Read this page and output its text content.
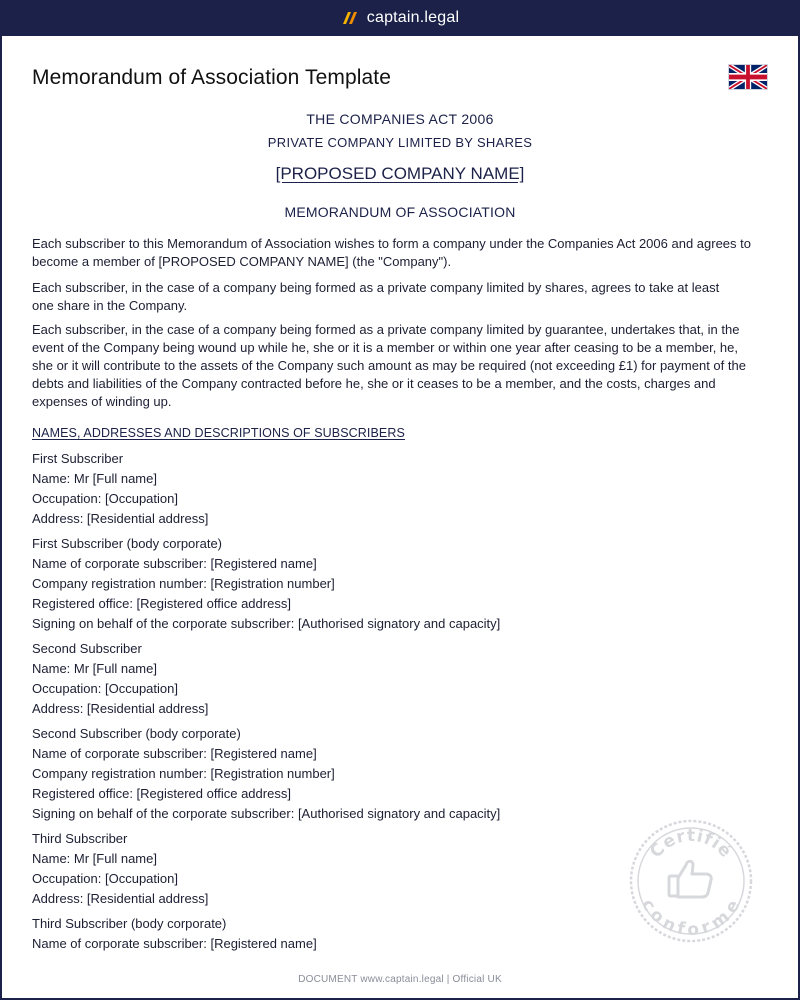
captain.legal
Memorandum of Association Template
THE COMPANIES ACT 2006
PRIVATE COMPANY LIMITED BY SHARES
[PROPOSED COMPANY NAME]
MEMORANDUM OF ASSOCIATION
Each subscriber to this Memorandum of Association wishes to form a company under the Companies Act 2006 and agrees to
become a member of [PROPOSED COMPANY NAME] (the "Company").
Each subscriber, in the case of a company being formed as a private company limited by shares, agrees to take at least one share in the Company.
Each subscriber, in the case of a company being formed as a private company limited by guarantee, undertakes that, in the event of the Company being wound up while he, she or it is a member or within one year after ceasing to be a member, he, she or it will contribute to the assets of the Company such amount as may be required (not exceeding £1) for payment of the debts and liabilities of the Company contracted before he, she or it ceases to be a member, and the costs, charges and expenses of winding up.
NAMES, ADDRESSES AND DESCRIPTIONS OF SUBSCRIBERS
First Subscriber
Name: Mr [Full name]
Occupation: [Occupation]
Address: [Residential address]
First Subscriber (body corporate)
Name of corporate subscriber: [Registered name]
Company registration number: [Registration number]
Registered office: [Registered office address]
Signing on behalf of the corporate subscriber: [Authorised signatory and capacity]
Second Subscriber
Name: Mr [Full name]
Occupation: [Occupation]
Address: [Residential address]
Second Subscriber (body corporate)
Name of corporate subscriber: [Registered name]
Company registration number: [Registration number]
Registered office: [Registered office address]
Signing on behalf of the corporate subscriber: [Authorised signatory and capacity]
Third Subscriber
Name: Mr [Full name]
Occupation: [Occupation]
Address: [Residential address]
Third Subscriber (body corporate)
Name of corporate subscriber: [Registered name]
Certifié
conforme
DOCUMENT www.captain.legal | Official UK
